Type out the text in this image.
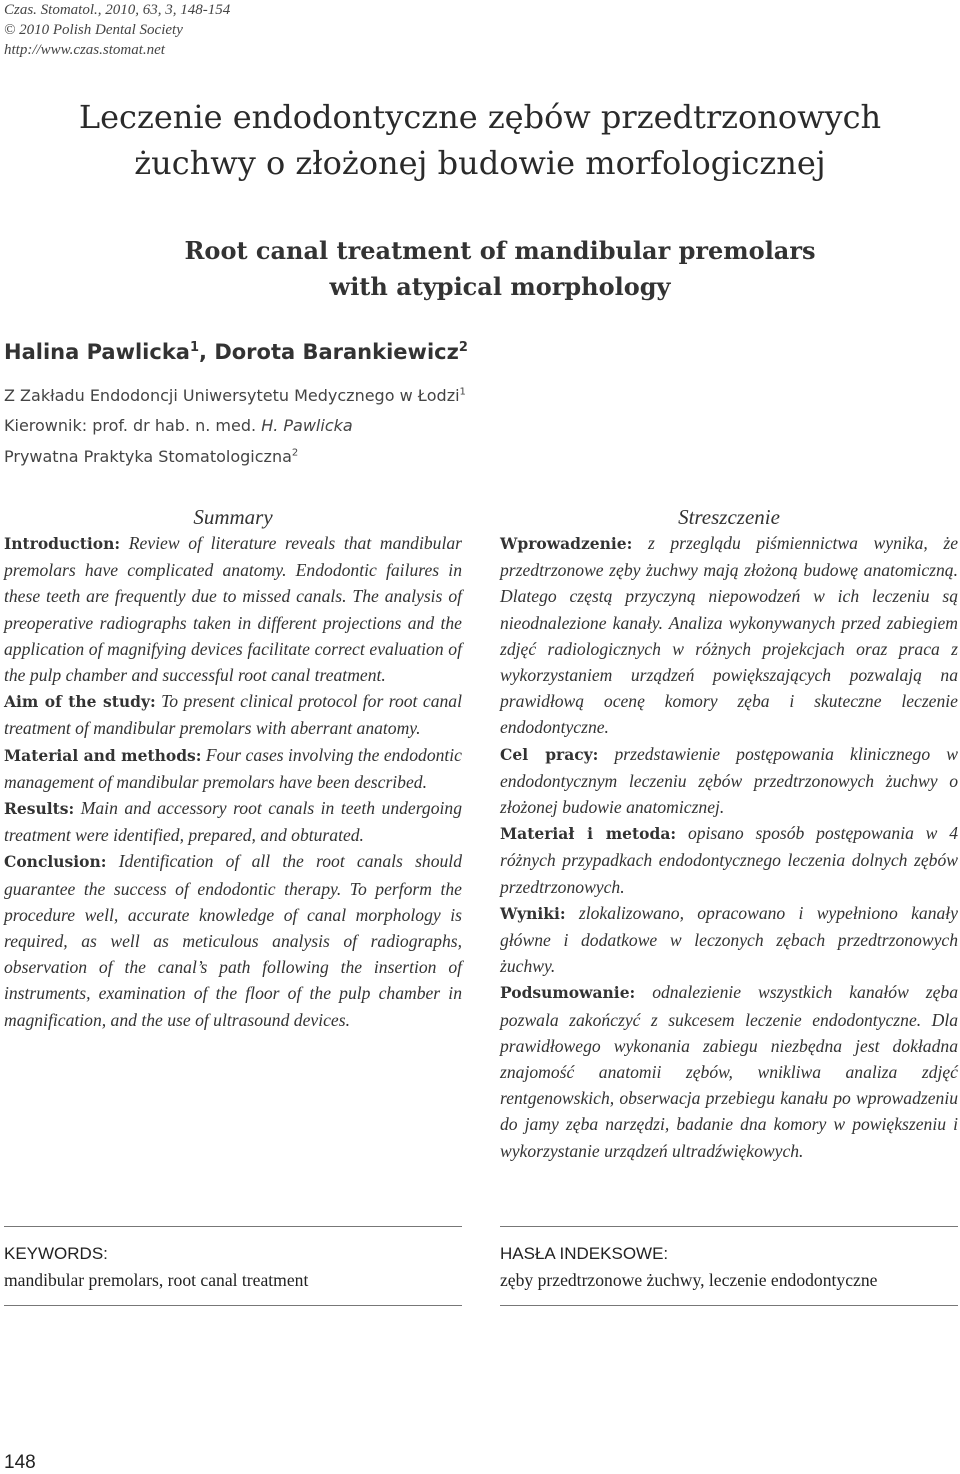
Czas. Stomatol., 2010, 63, 3, 148-154
© 2010 Polish Dental Society
http://www.czas.stomat.net
Leczenie endodontyczne zębów przedtrzonowych
żuchwy o złożonej budowie morfologicznej
Root canal treatment of mandibular premolars
with atypical morphology
Halina Pawlicka$^1$, Dorota Barankiewicz$^2$
Z Zakładu Endodoncji Uniwersytetu Medycznego w Łodzi$^1$
Kierownik: prof. dr hab. n. med. H. Pawlicka
Prywatna Praktyka Stomatologiczna$^2$
Summary	Streszczenie

Introduction: Review of literature reveals that mandibular premolars have complicated anatomy. Endodontic failures in these teeth are frequently due to missed canals. The analysis of preoperative radiographs taken in different projections and the application of magnifying devices facilitate correct evaluation of the pulp chamber and successful root canal treatment.

Aim of the study: To present clinical protocol for root canal treatment of mandibular premolars with aberrant anatomy.

Material and methods: Four cases involving the endodontic management of mandibular premolars have been described.

Results: Main and accessory root canals in teeth undergoing treatment were identified, prepared, and obturated.

Conclusion: Identification of all the root canals should guarantee the success of endodontic therapy. To perform the procedure well, accurate knowledge of canal morphology is required, as well as meticulous analysis of radiographs, observation of the canal’s path following the insertion of instruments, examination of the floor of the pulp chamber in magnification, and the use of ultrasound devices.

Wprowadzenie: z przeglądu piśmiennictwa wynika, że przedtrzonowe zęby żuchwy mają złożoną budowę anatomiczną. Dlatego częstą przyczyną niepowodzeń w ich leczeniu są nieodnalezione kanały. Analiza wykonywanych przed zabiegiem zdjęć radiologicznych w różnych projekcjach oraz praca z wykorzystaniem urządzeń powiększających pozwalają na prawidłową ocenę komory zęba i skuteczne leczenie endodontyczne.

Cel pracy: przedstawienie postępowania klinicznego w endodontycznym leczeniu zębów przedtrzonowych żuchwy o złożonej budowie anatomicznej.

Materiał i metoda: opisano sposób postępowania w 4 różnych przypadkach endodontycznego leczenia dolnych zębów przedtrzonowych.

Wyniki: zlokalizowano, opracowano i wypełniono kanały główne i dodatkowe w leczonych zębach przedtrzonowych żuchwy.

Podsumowanie: odnalezienie wszystkich kanałów zęba pozwala zakończyć z sukcesem leczenie endodontyczne. Dla prawidłowego wykonania zabiegu niezbędna jest dokładna znajomość anatomii zębów, wnikliwa analiza zdjęć rentgenowskich, obserwacja przebiegu kanału po wprowadzeniu do jamy zęba narzędzi, badanie dna komory w powiększeniu i wykorzystanie urządzeń ultradźwiękowych.

KEYWORDS:
mandibular premolars, root canal treatment
HASŁA INDEKSOWE:
zęby przedtrzonowe żuchwy, leczenie endodontyczne
148
